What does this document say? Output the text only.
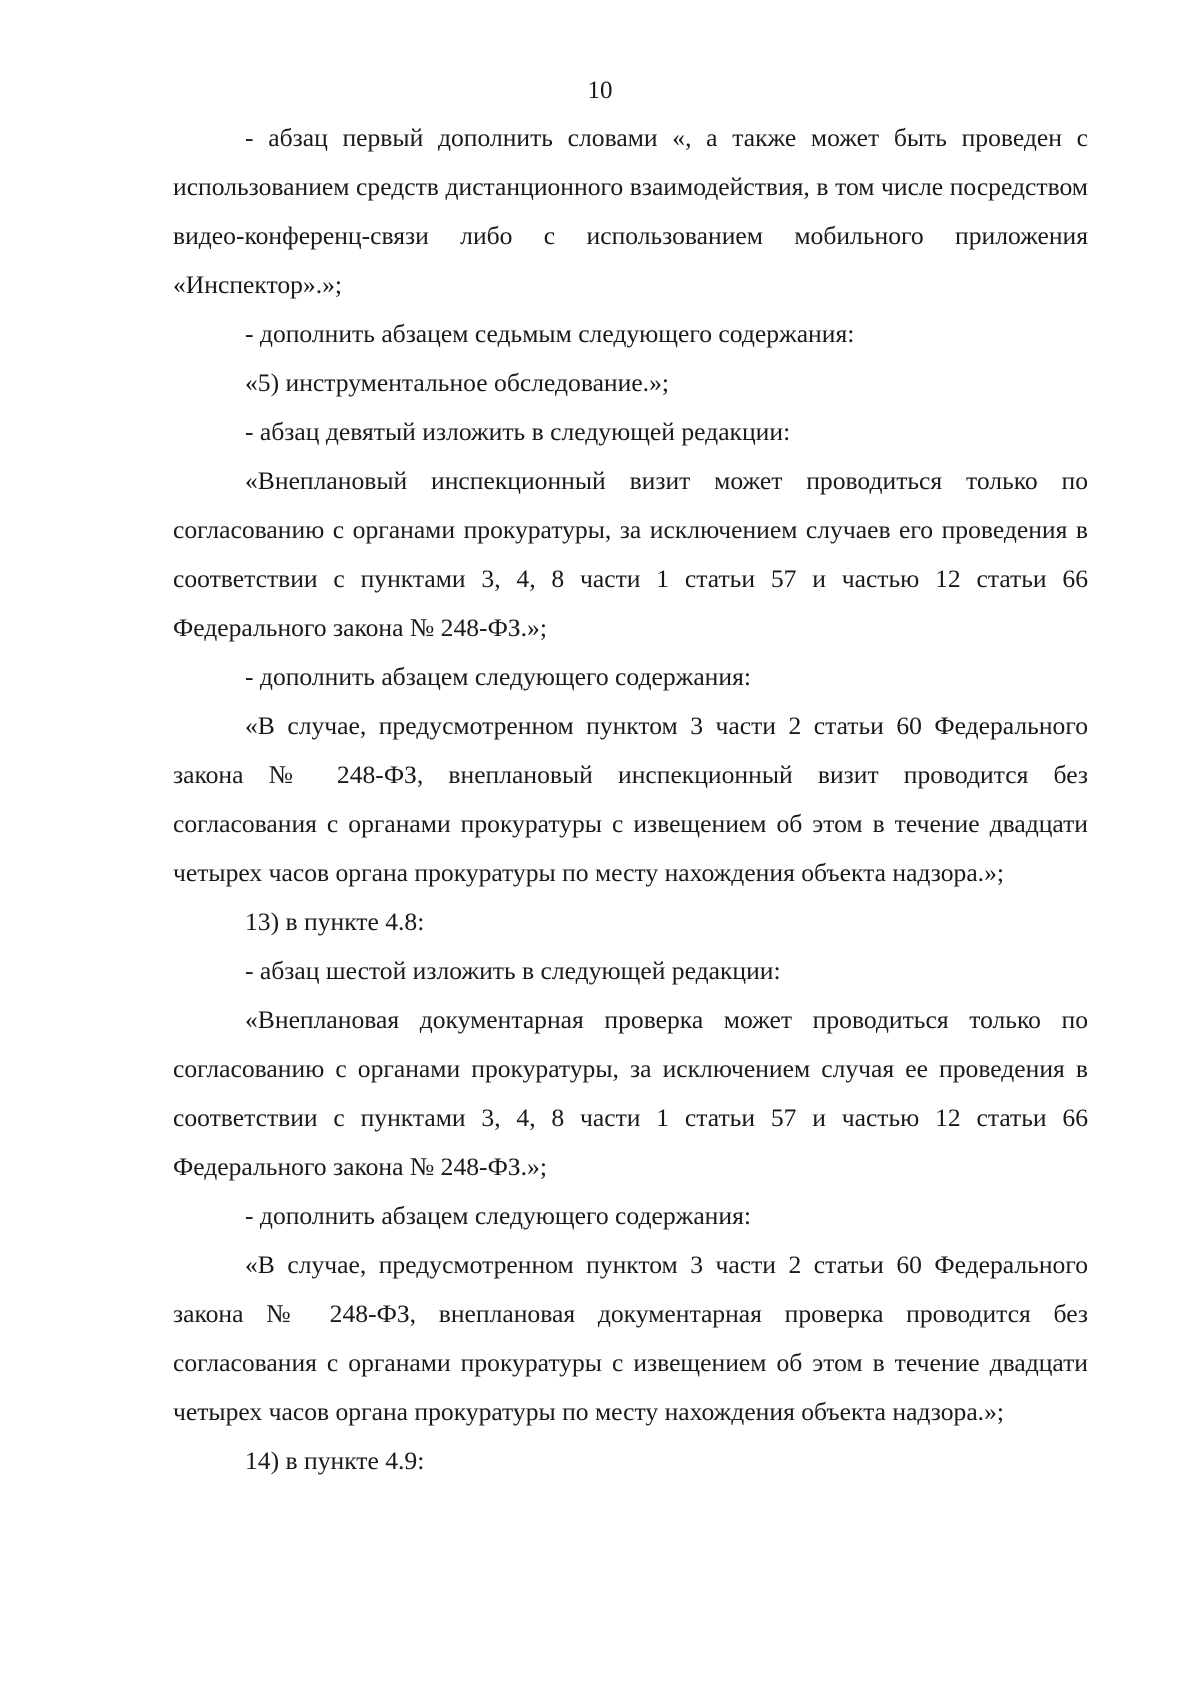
10

- абзац первый дополнить словами «, а также может быть проведен с использованием средств дистанционного взаимодействия, в том числе посредством видео-конференц-связи либо с использованием мобильного приложения «Инспектор».»;

- дополнить абзацем седьмым следующего содержания:

«5) инструментальное обследование.»;

- абзац девятый изложить в следующей редакции:

«Внеплановый инспекционный визит может проводиться только по согласованию с органами прокуратуры, за исключением случаев его проведения в соответствии с пунктами 3, 4, 8 части 1 статьи 57 и частью 12 статьи 66 Федерального закона № 248-ФЗ.»;

- дополнить абзацем следующего содержания:

«В случае, предусмотренном пунктом 3 части 2 статьи 60 Федерального закона № 248-ФЗ, внеплановый инспекционный визит проводится без согласования с органами прокуратуры с извещением об этом в течение двадцати четырех часов органа прокуратуры по месту нахождения объекта надзора.»;

13) в пункте 4.8:

- абзац шестой изложить в следующей редакции:

«Внеплановая документарная проверка может проводиться только по согласованию с органами прокуратуры, за исключением случая ее проведения в соответствии с пунктами 3, 4, 8 части 1 статьи 57 и частью 12 статьи 66 Федерального закона № 248-ФЗ.»;

- дополнить абзацем следующего содержания:

«В случае, предусмотренном пунктом 3 части 2 статьи 60 Федерального закона № 248-ФЗ, внеплановая документарная проверка проводится без согласования с органами прокуратуры с извещением об этом в течение двадцати четырех часов органа прокуратуры по месту нахождения объекта надзора.»;

14) в пункте 4.9:
